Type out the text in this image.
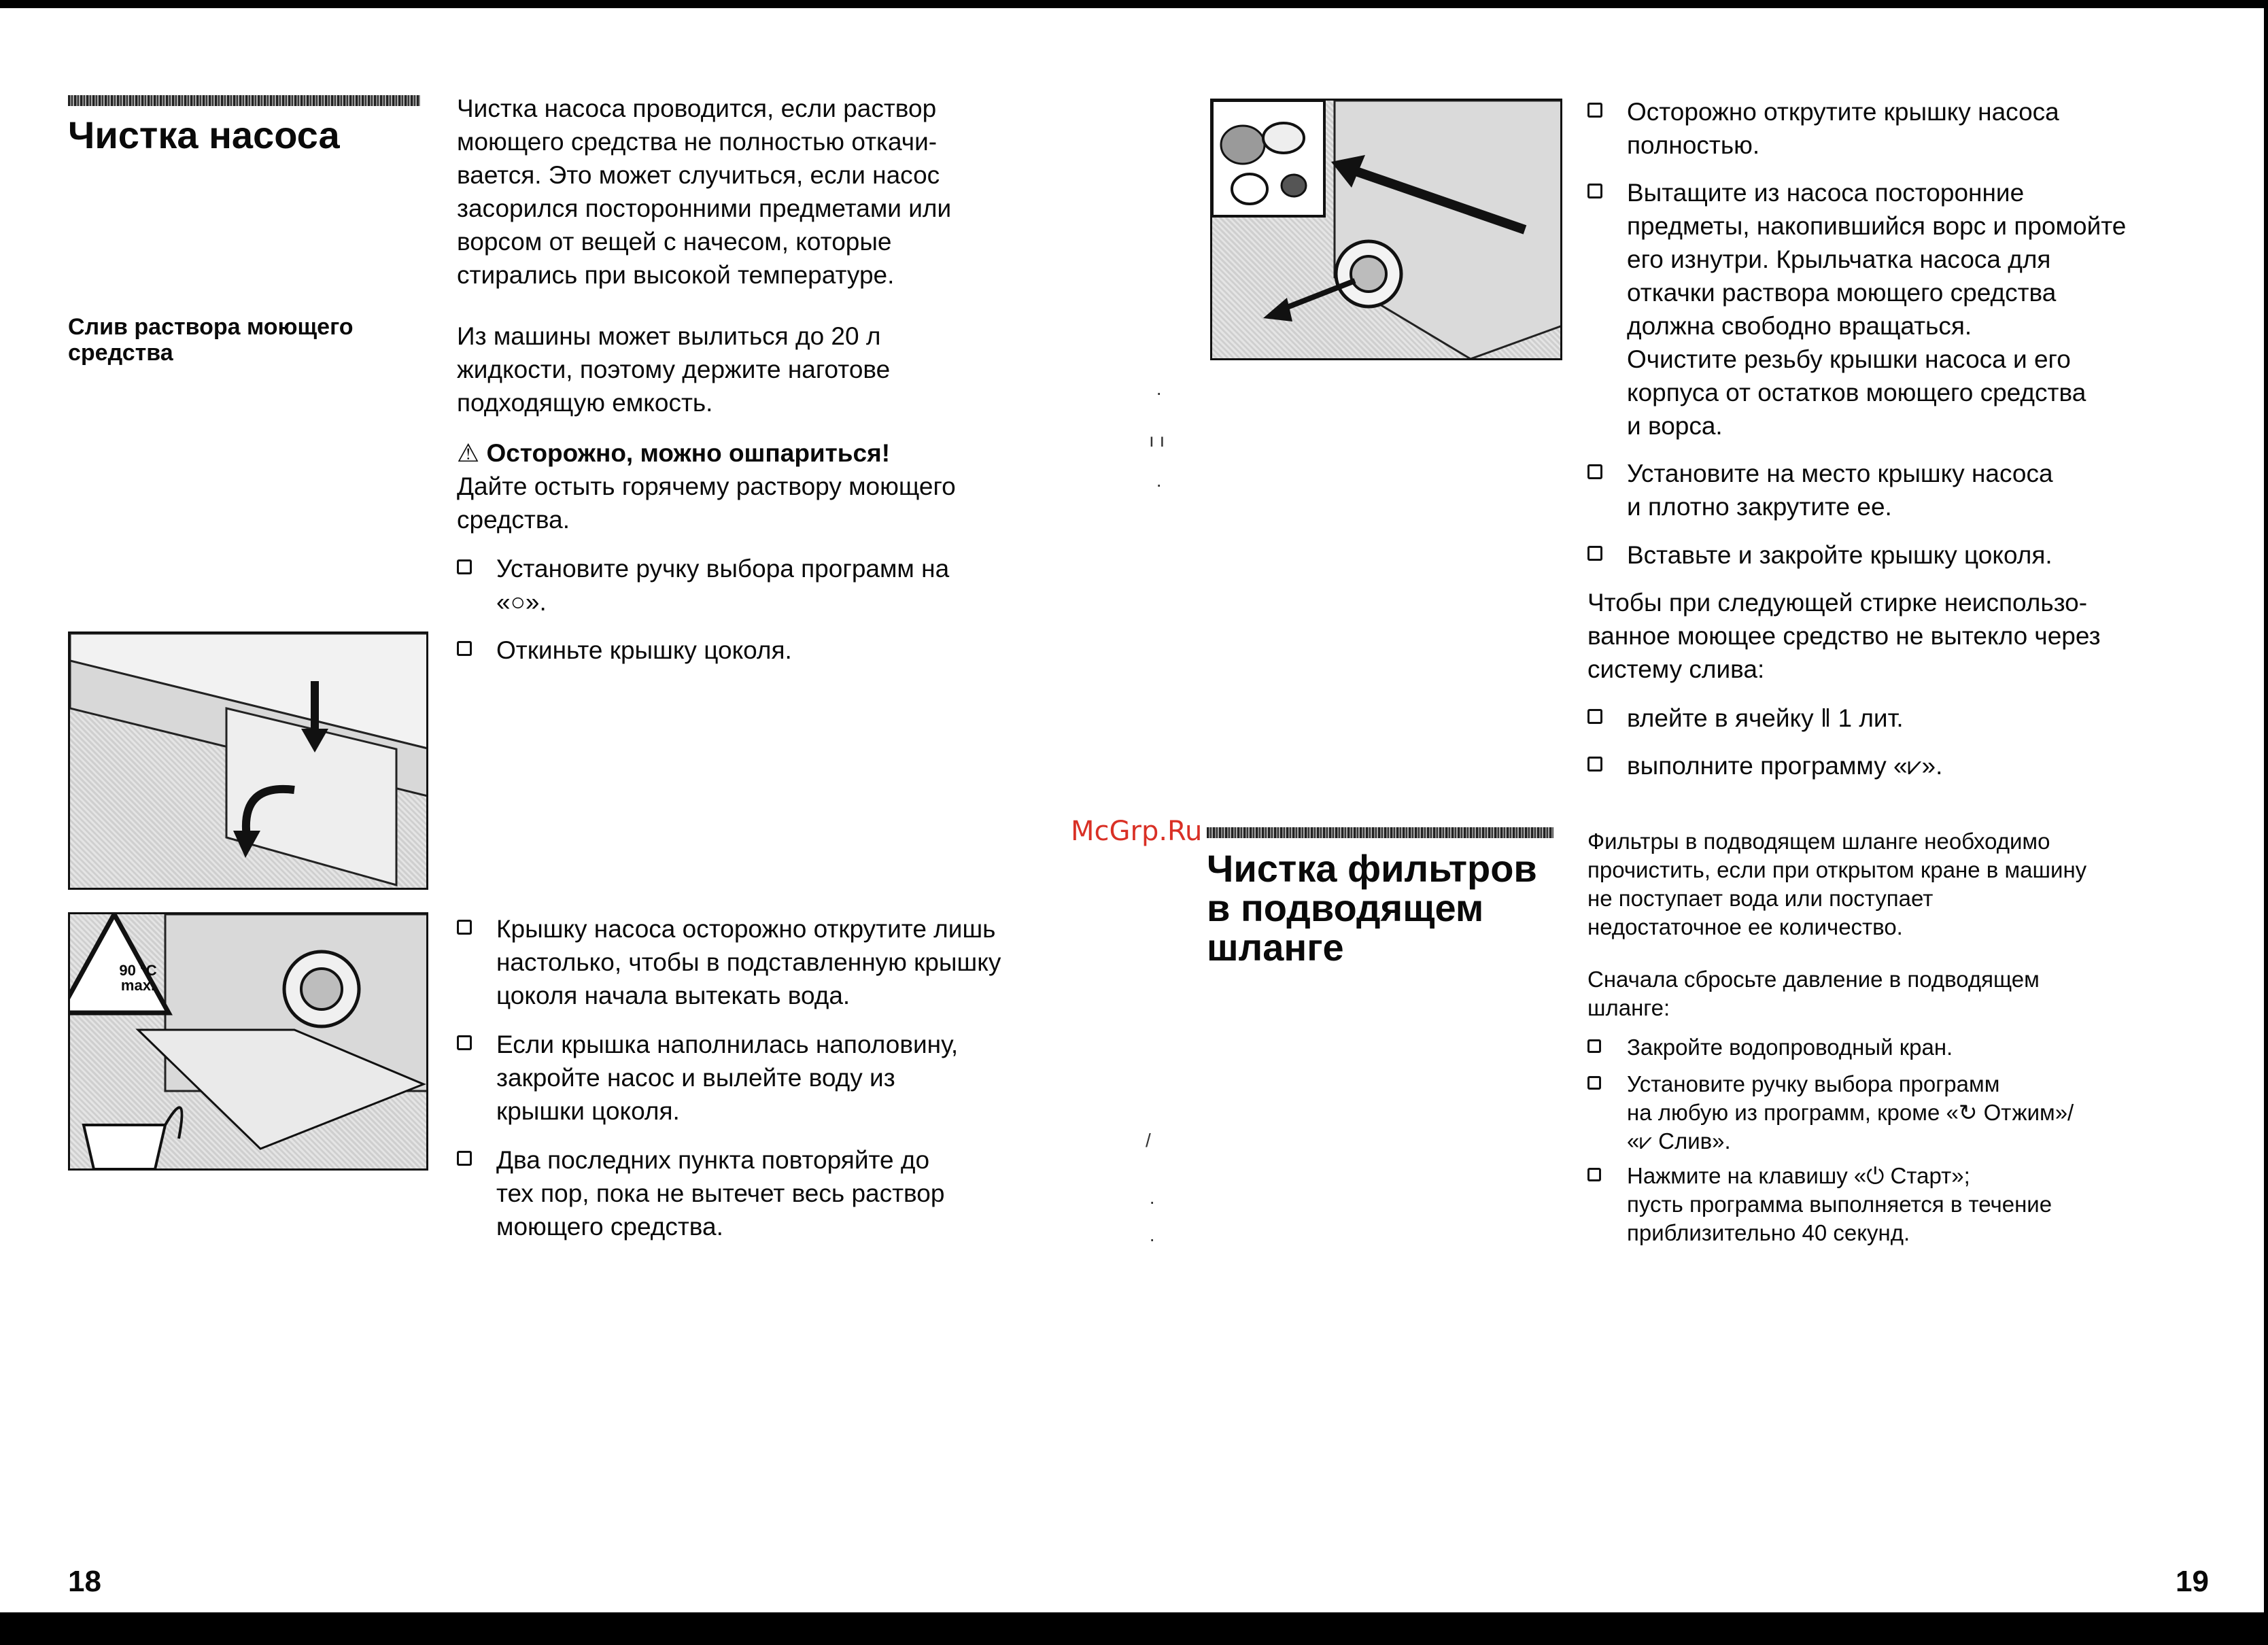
Чистка насоса

Чистка насоса проводится, если раствор

моющего средства не полностью откачи-

вается. Это может случиться, если насос

засорился посторонними предметами или

ворсом от вещей с начесом, которые

стирались при высокой температуре.

Слив раствора моющего

средства

Из машины может вылиться до 20 л

жидкости, поэтому держите наготове

подходящую емкость.

⚠ Осторожно, можно ошпариться!

Дайте остыть горячему раствору моющего

средства.

Установите ручку выбора программ на

«○».

Откиньте крышку цоколя.

90 °C
max.

Крышку насоса осторожно открутите лишь

настолько, чтобы в подставленную крышку

цоколя начала вытекать вода.

Если крышка наполнилась наполовину,

закройте насос и вылейте воду из

крышки цоколя.

Два последних пункта повторяйте до

тех пор, пока не вытечет весь раствор

моющего средства.

18
·
ı ı
·
/
·
·
McGrp.Ru

Осторожно открутите крышку насоса

полностью.

Вытащите из насоса посторонние

предметы, накопившийся ворс и промойте

его изнутри. Крыльчатка насоса для

откачки раствора моющего средства

должна свободно вращаться.

Очистите резьбу крышки насоса и его

корпуса от остатков моющего средства

и ворса.

Установите на место крышку насоса

и плотно закрутите ее.

Вставьте и закройте крышку цоколя.

Чтобы при следующей стирке неиспользо-

ванное моющее средство не вытекло через

систему слива:

влейте в ячейку ‖ 1 лит.

выполните программу «⩗».

Чистка фильтров

в подводящем

шланге

Фильтры в подводящем шланге необходимо

прочистить, если при открытом кране в машину

не поступает вода или поступает

недостаточное ее количество.

Сначала сбросьте давление в подводящем

шланге:

Закройте водопроводный кран.

Установите ручку выбора программ

на любую из программ, кроме «↻ Отжим»/

«⩗ Слив».

Нажмите на клавишу «⏻ Старт»;

пусть программа выполняется в течение

приблизительно 40 секунд.

19
